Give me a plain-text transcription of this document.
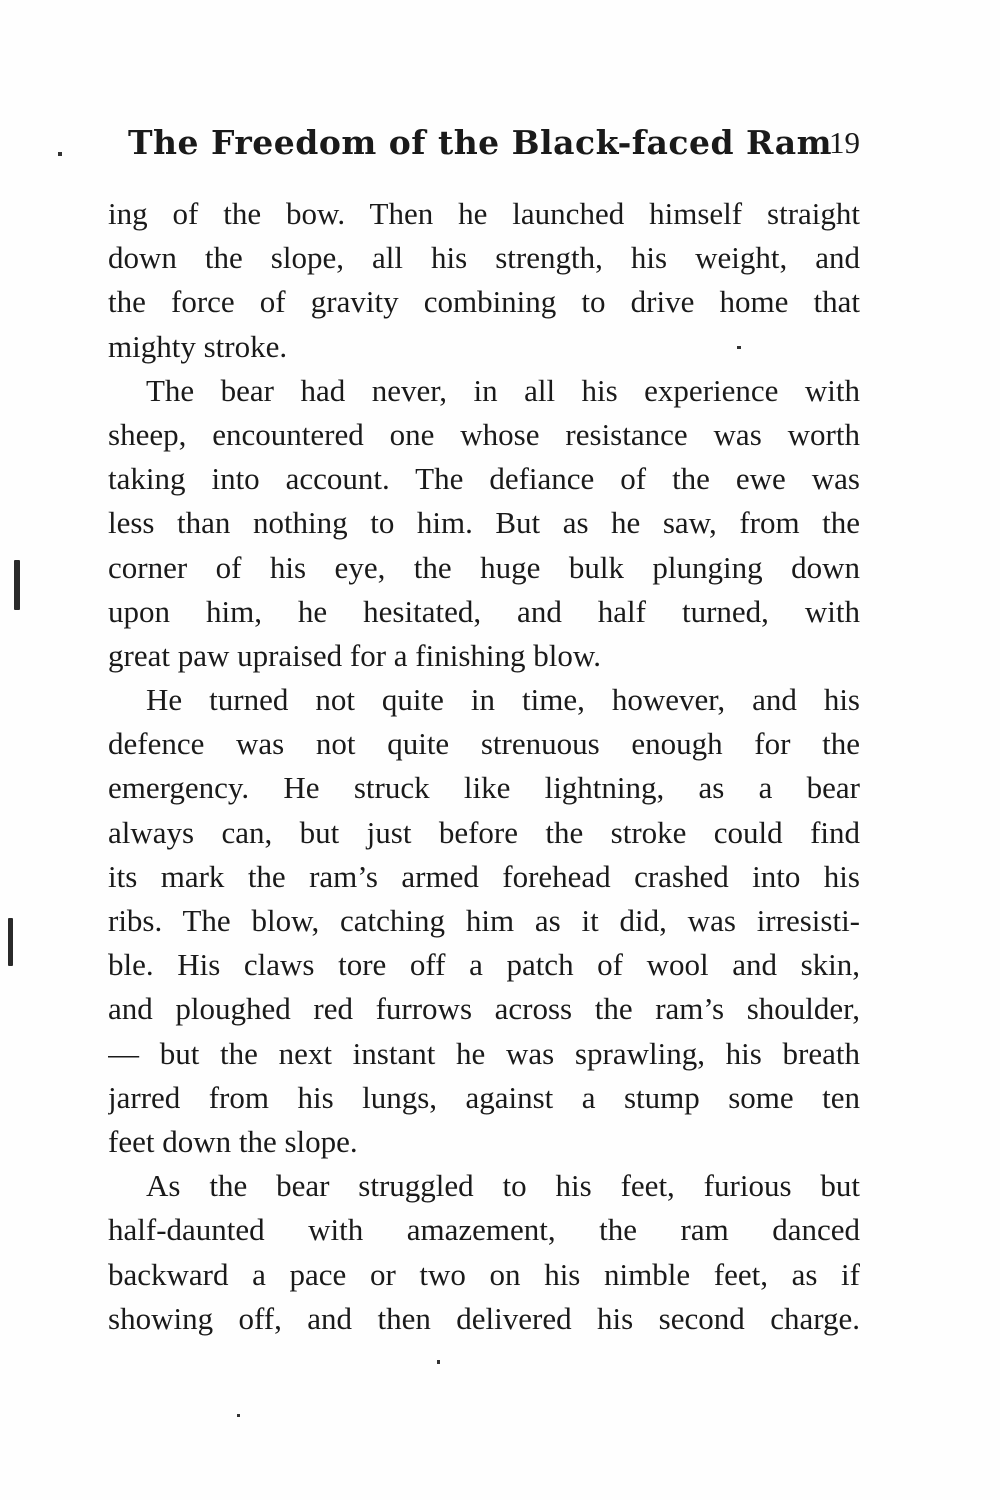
The Freedom of the Black-faced Ram
19
ing of the bow. Then he launched himself straight
down the slope, all his strength, his weight, and
the force of gravity combining to drive home that
mighty stroke.
The bear had never, in all his experience with
sheep, encountered one whose resistance was worth
taking into account. The defiance of the ewe was
less than nothing to him. But as he saw, from the
corner of his eye, the huge bulk plunging down
upon him, he hesitated, and half turned, with
great paw upraised for a finishing blow.
He turned not quite in time, however, and his
defence was not quite strenuous enough for the
emergency. He struck like lightning, as a bear
always can, but just before the stroke could find
its mark the ram’s armed forehead crashed into his
ribs. The blow, catching him as it did, was irresisti-
ble. His claws tore off a patch of wool and skin,
and ploughed red furrows across the ram’s shoulder,
— but the next instant he was sprawling, his breath
jarred from his lungs, against a stump some ten
feet down the slope.
As the bear struggled to his feet, furious but
half-daunted with amazement, the ram danced
backward a pace or two on his nimble feet, as if
showing off, and then delivered his second charge.
